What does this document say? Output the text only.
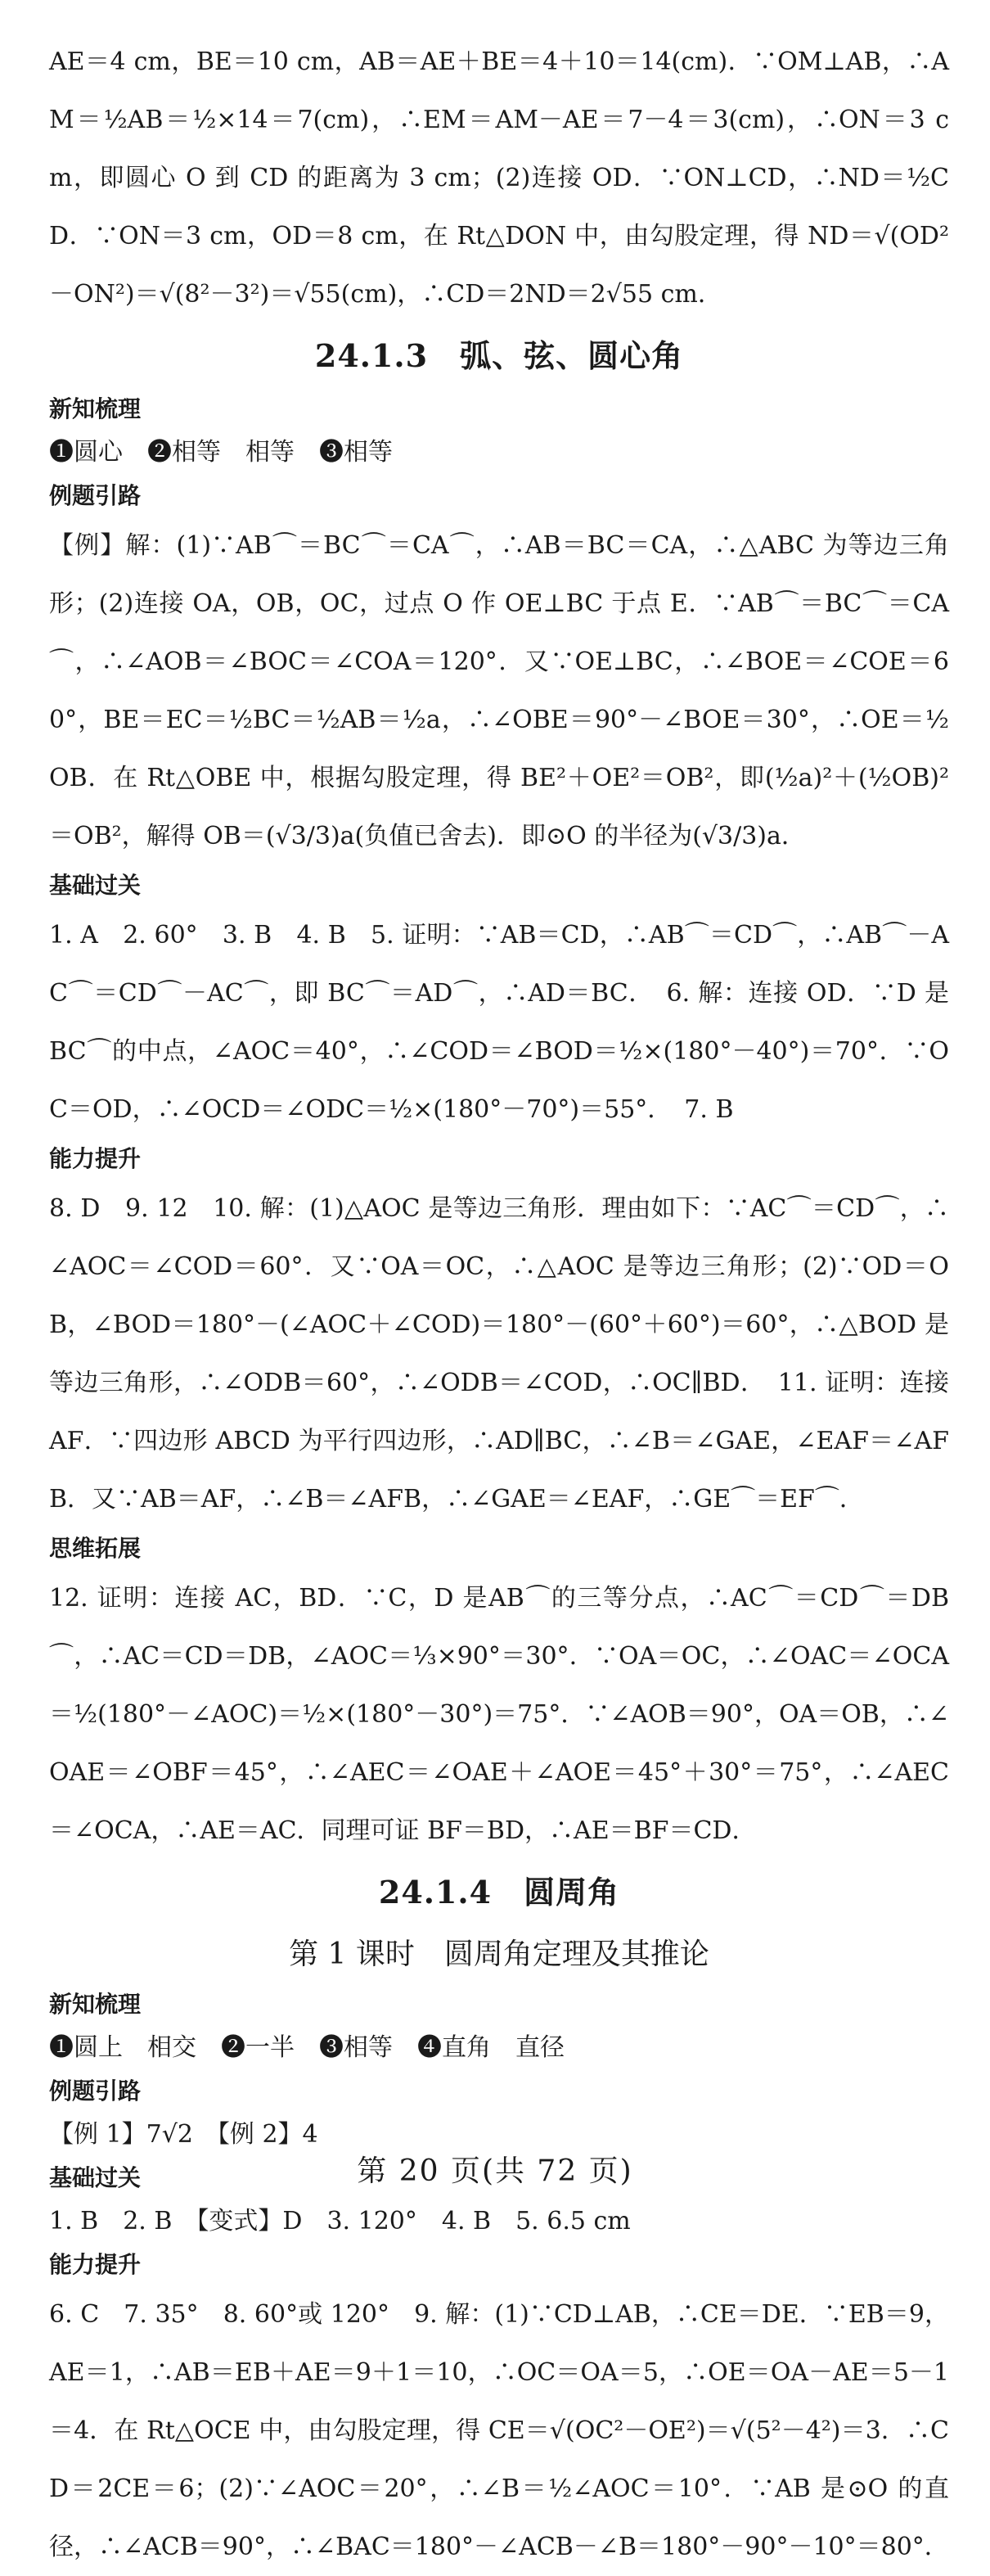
AE＝4 cm，BE＝10 cm，AB＝AE＋BE＝4＋10＝14(cm)．∵OM⊥AB，∴AM＝½AB＝½×14＝7(cm)，∴EM＝AM－AE＝7－4＝3(cm)，∴ON＝3 cm，即圆心 O 到 CD 的距离为 3 cm；(2)连接 OD．∵ON⊥CD，∴ND＝½CD．∵ON＝3 cm，OD＝8 cm，在 Rt△DON 中，由勾股定理，得 ND＝√(OD²－ON²)＝√(8²－3²)＝√55(cm)，∴CD＝2ND＝2√55 cm．

24.1.3　弧、弦、圆心角

新知梳理

❶圆心　❷相等　相等　❸相等

例题引路

【例】解：(1)∵AB⌒＝BC⌒＝CA⌒，∴AB＝BC＝CA，∴△ABC 为等边三角形；(2)连接 OA，OB，OC，过点 O 作 OE⊥BC 于点 E．∵AB⌒＝BC⌒＝CA⌒，∴∠AOB＝∠BOC＝∠COA＝120°．又∵OE⊥BC，∴∠BOE＝∠COE＝60°，BE＝EC＝½BC＝½AB＝½a，∴∠OBE＝90°－∠BOE＝30°，∴OE＝½OB．在 Rt△OBE 中，根据勾股定理，得 BE²＋OE²＝OB²，即(½a)²＋(½OB)²＝OB²，解得 OB＝(√3/3)a(负值已舍去)．即⊙O 的半径为(√3/3)a．

基础过关

1. A　2. 60°　3. B　4. B　5. 证明：∵AB＝CD，∴AB⌒＝CD⌒，∴AB⌒－AC⌒＝CD⌒－AC⌒，即 BC⌒＝AD⌒，∴AD＝BC．　6. 解：连接 OD．∵D 是BC⌒的中点，∠AOC＝40°，∴∠COD＝∠BOD＝½×(180°－40°)＝70°．∵OC＝OD，∴∠OCD＝∠ODC＝½×(180°－70°)＝55°．　7. B

能力提升

8. D　9. 12　10. 解：(1)△AOC 是等边三角形．理由如下：∵AC⌒＝CD⌒，∴∠AOC＝∠COD＝60°．又∵OA＝OC，∴△AOC 是等边三角形；(2)∵OD＝OB，∠BOD＝180°－(∠AOC＋∠COD)＝180°－(60°＋60°)＝60°，∴△BOD 是等边三角形，∴∠ODB＝60°，∴∠ODB＝∠COD，∴OC∥BD．　11. 证明：连接 AF．∵四边形 ABCD 为平行四边形，∴AD∥BC，∴∠B＝∠GAE，∠EAF＝∠AFB．又∵AB＝AF，∴∠B＝∠AFB，∴∠GAE＝∠EAF，∴GE⌒＝EF⌒．

思维拓展

12. 证明：连接 AC，BD．∵C，D 是AB⌒的三等分点，∴AC⌒＝CD⌒＝DB⌒，∴AC＝CD＝DB，∠AOC＝⅓×90°＝30°．∵OA＝OC，∴∠OAC＝∠OCA＝½(180°－∠AOC)＝½×(180°－30°)＝75°．∵∠AOB＝90°，OA＝OB，∴∠OAE＝∠OBF＝45°，∴∠AEC＝∠OAE＋∠AOE＝45°＋30°＝75°，∴∠AEC＝∠OCA，∴AE＝AC．同理可证 BF＝BD，∴AE＝BF＝CD．

24.1.4　圆周角

第 1 课时　圆周角定理及其推论

新知梳理

❶圆上　相交　❷一半　❸相等　❹直角　直径

例题引路

【例 1】7√2　【例 2】4

基础过关

1. B　2. B　【变式】D　3. 120°　4. B　5. 6.5 cm

能力提升

6. C　7. 35°　8. 60°或 120°　9. 解：(1)∵CD⊥AB，∴CE＝DE．∵EB＝9，AE＝1，∴AB＝EB＋AE＝9＋1＝10，∴OC＝OA＝5，∴OE＝OA－AE＝5－1＝4．在 Rt△OCE 中，由勾股定理，得 CE＝√(OC²－OE²)＝√(5²－4²)＝3．∴CD＝2CE＝6；(2)∵∠AOC＝20°，∴∠B＝½∠AOC＝10°．∵AB 是⊙O 的直径，∴∠ACB＝90°，∴∠BAC＝180°－∠ACB－∠B＝180°－90°－10°＝80°．

第 20 页(共 72 页)
